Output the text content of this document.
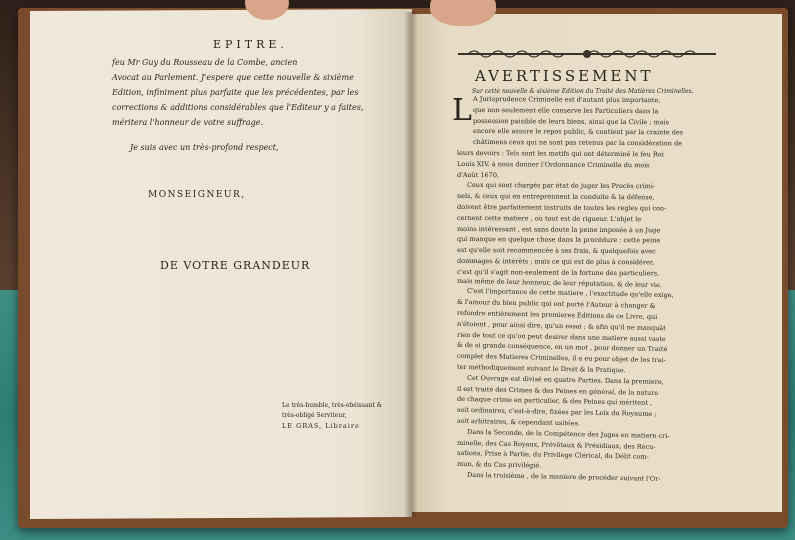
EPITRE.
feu Mr Guy du Rousseau de la Combe, ancien
Avocat au Parlement. J'espere que cette nouvelle & sixième
Edition, infiniment plus parfaite que les précédentes, par les
corrections & additions considérables que l'Editeur y a faites,
méritera l'honneur de votre suffrage.
Je suis avec un très-profond respect,
MONSEIGNEUR,
DE VOTRE GRANDEUR
Le très-humble, très-obéissant &
très-obligé Serviteur,
LE GRAS, Libraire
AVERTISSEMENT
Sur cette nouvelle & sixième Edition du Traité des Matières Criminelles.
L A Jurisprudence Criminelle est d'autant plus importante,
que non-seulement elle conserve les Particuliers dans la
possession paisible de leurs biens, ainsi que la Civile ; mais
encore elle assure le repos public, & contient par la crainte des
châtimens ceux qui ne sont pas retenus par la considération de
leurs devoirs : Tels sont les motifs qui ont déterminé le feu Roi
Louis XIV. à nous donner l'Ordonnance Criminelle du mois
d'Août 1670.
Ceux qui sont chargés par état de juger les Procès crimi-
nels, & ceux qui en entreprennent la conduite & la défense,
doivent être parfaitement instruits de toutes les regles qui con-
cernent cette matiere , où tout est de rigueur. L'objet le
moins intéressant , est sans doute la peine imposée à un Juge
qui manque en quelque chose dans la procédure : cette peine
est qu'elle soit recommencée à ses frais, & quelquefois avec
dommages & intérêts ; mais ce qui est de plus à considérer,
c'est qu'il s'agit non-seulement de la fortune des particuliers,
mais même de leur honneur, de leur réputation, & de leur vie.
C'est l'importance de cette matiere , l'exactitude qu'elle exige,
& l'amour du bien public qui ont porté l'Auteur à changer &
refondre entièrement les premieres Editions de ce Livre, qui
n'étoient , pour ainsi dire, qu'un essai ; & afin qu'il ne manquât
rien de tout ce qu'on peut desirer dans une matiere aussi vaste
& de si grande conséquence, en un mot , pour donner un Traité
complet des Matieres Criminelles, il a eu pour objet de les trai-
ter méthodiquement suivant le Droit & la Pratique.
Cet Ouvrage est divisé en quatre Parties. Dans la premiere,
il est traité des Crimes & des Peines en général, de la nature
de chaque crime en particulier, & des Peines qui méritent ,
soit ordinaires, c'est-à-dire, fixées par les Loix du Royaume ;
soit arbitraires, & cependant usitées.
Dans la Seconde, de la Compétence des Juges en matiere cri-
minelle, des Cas Royaux, Prévôtaux & Présidiaux, des Récu-
sations, Prise à Partie, du Privilege Clérical, du Délit com-
mun, & du Cas privilégié.
Dans la troisième , de la maniere de procéder suivant l'Or-
